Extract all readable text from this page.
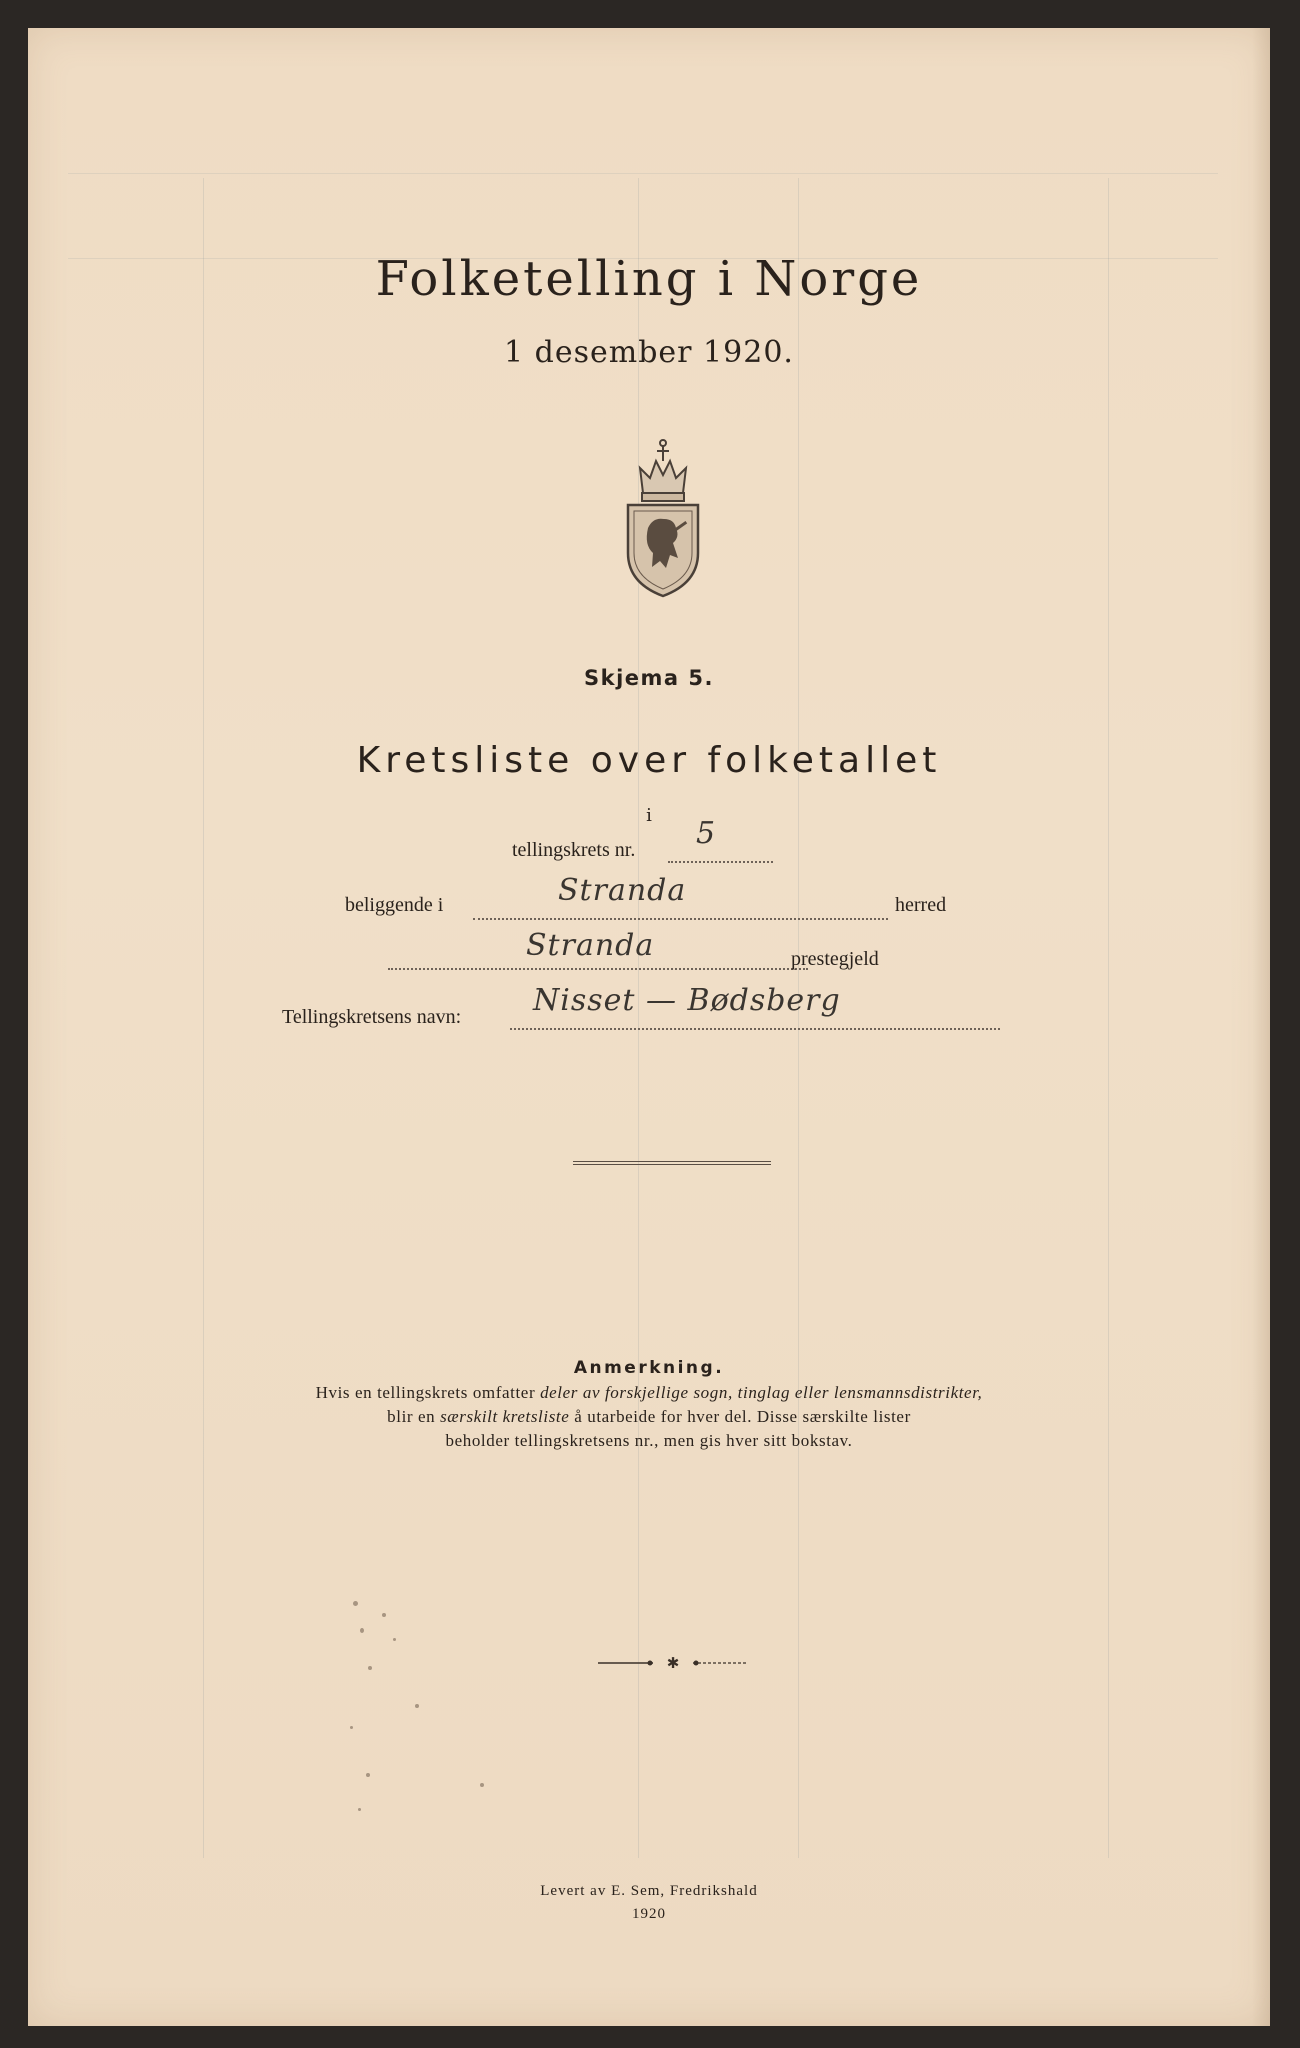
Folketelling i Norge
1 desember 1920.
Skjema 5.
Kretsliste over folketallet
i
tellingskrets nr. 5
beliggende i	Stranda	herred
Stranda	prestegjeld
Tellingskretsens navn: Nisset — Bødsberg
Anmerkning.
Hvis en tellingskrets omfatter deler av forskjellige sogn, tinglag eller lensmannsdistrikter,
blir en særskilt kretsliste å utarbeide for hver del. Disse særskilte lister
beholder tellingskretsens nr., men gis hver sitt bokstav.
✱
Levert av E. Sem, Fredrikshald
1920
